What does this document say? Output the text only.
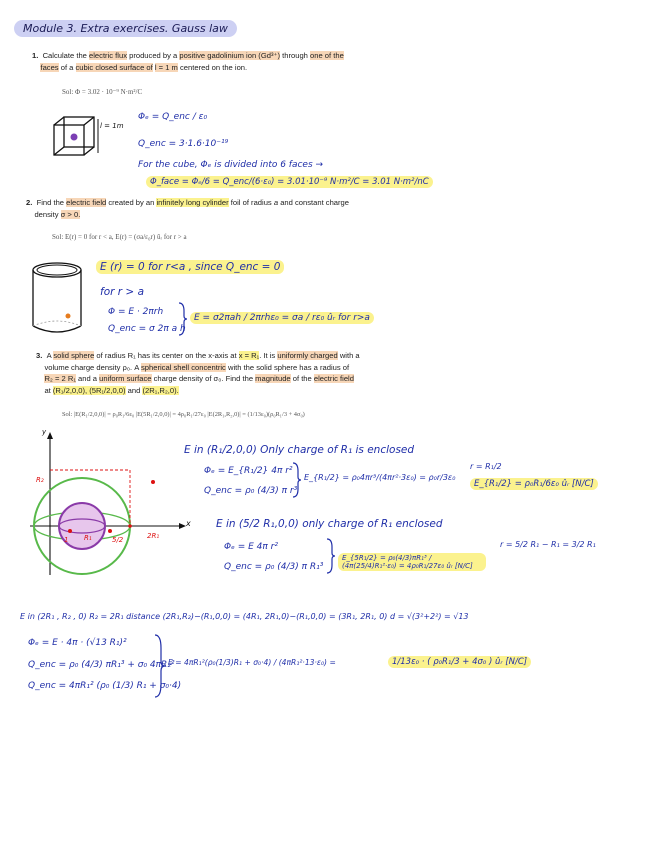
Module 3. Extra exercises. Gauss law
1. Calculate the electric flux produced by a positive gadolinium ion (Gd³⁺) through one of the
faces of a cubic closed surface of l = 1 m centered on the ion.
Sol: Φ = 3.02 · 10⁻⁹ N·m²/C
l = 1m
Φₑ = Q_enc / ε₀
Q_enc = 3·1.6·10⁻¹⁹
For the cube, Φₑ is divided into 6 faces →
Φ_face = Φₑ/6 = Q_enc/(6·ε₀) = 3.01·10⁻⁹ N·m²/C = 3.01 N·m²/nC
2. Find the electric field created by an infinitely long cylinder foil of radius a and constant charge
density σ > 0.
Sol: E(r) = 0 for r < a, E(r) = (σa/ε₀r) ûᵣ for r > a
E (r) = 0 for r<a , since Q_enc = 0
for r > a
Φ = E · 2πrh
Q_enc = σ 2π a h
E = σ2πah / 2πrhε₀ = σa / rε₀ ûᵣ for r>a
3. A solid sphere of radius R₁ has its center on the x-axis at x = R₁. It is uniformly charged with a
volume charge density ρ₀. A spherical shell concentric with the solid sphere has a radius of
R₂ = 2 R₁ and a uniform surface charge density of σ₀. Find the magnitude of the electric field
at (R₁/2,0,0), (5R₁/2,0,0) and (2R₁,R₂,0).
Sol: |E(R₁/2,0,0)| = ρ₀R₁/6ε₀ |E(5R₁/2,0,0)| = 4ρ₀R₁/27ε₀ |E(2R₁,R₂,0)| = (1/13ε₀)(ρ₀R₁/3 + 4σ₀)
x
y
R₂
R₁	2R₁
1	5/2
E in (R₁/2,0,0) Only charge of R₁ is enclosed
Φₑ = E_{R₁/2} 4π r²
Q_enc = ρ₀ (4/3) π r³
E_{R₁/2} = ρ₀4πr³/(4πr²·3ε₀) = ρ₀r/3ε₀
r = R₁/2
E_{R₁/2} = ρ₀R₁/6ε₀ ûᵣ [N/C]
E in (5/2 R₁,0,0) only charge of R₁ enclosed
Φₑ = E 4π r²
Q_enc = ρ₀ (4/3) π R₁³
E_{5R₁/2} = ρ₀(4/3)πR₁³ / (4π(25/4)R₁²·ε₀) = 4ρ₀R₁/27ε₀ ûᵣ [N/C]
r = 5/2 R₁ − R₁ = 3/2 R₁
E in (2R₁ , R₂ , 0) R₂ = 2R₁ distance (2R₁,R₂)−(R₁,0,0) = (4R₁, 2R₁,0)−(R₁,0,0) = (3R₁, 2R₁, 0) d = √(3²+2²) = √13
Φₑ = E · 4π · (√13 R₁)²
Q_enc = ρ₀ (4/3) πR₁³ + σ₀ 4πR₂²
Q_enc = 4πR₁² (ρ₀ (1/3) R₁ + σ₀·4)
E = 4πR₁²(ρ₀(1/3)R₁ + σ₀·4) / (4πR₁²·13·ε₀) =	1/13ε₀ · ( ρ₀R₁/3 + 4σ₀ ) ûᵣ [N/C]
